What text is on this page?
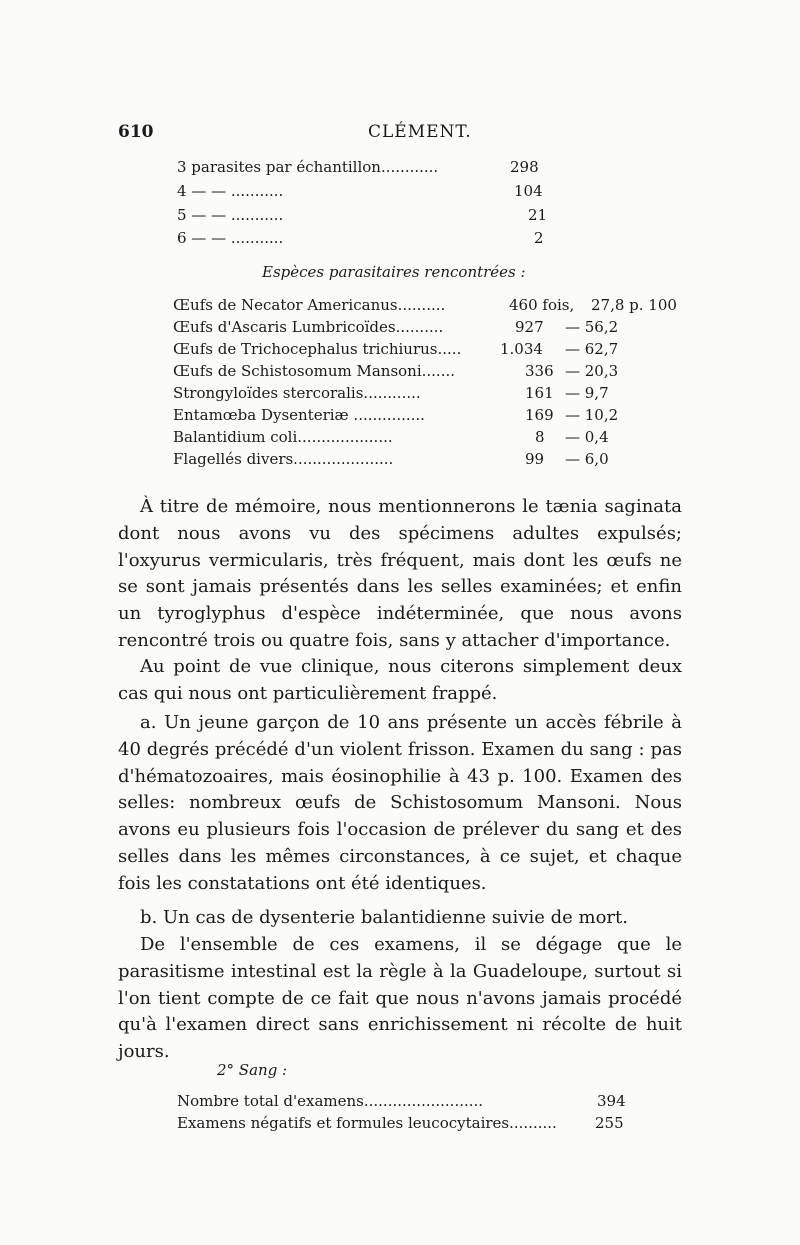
610	CLÉMENT.
3 parasites par échantillon............	298
4 — — ...........	104
5 — — ...........	21
6 — — ...........	2
Espèces parasitaires rencontrées :
Œufs de Necator Americanus..........	460 fois, 27,8 p. 100
Œufs d'Ascaris Lumbricoïdes..........	927 — 56,2
Œufs de Trichocephalus trichiurus.....	1.034 — 62,7
Œufs de Schistosomum Mansoni.......	336 — 20,3
Strongyloïdes stercoralis............	161 — 9,7
Entamœba Dysenteriæ ...............	169 — 10,2
Balantidium coli....................	8 — 0,4
Flagellés divers.....................	99 — 6,0

À titre de mémoire, nous mentionnerons le tænia saginata dont nous avons vu des spécimens adultes expulsés; l'oxyurus vermicularis, très fréquent, mais dont les œufs ne se sont jamais présentés dans les selles examinées; et enfin un tyroglyphus d'espèce indéterminée, que nous avons rencontré trois ou quatre fois, sans y attacher d'importance.

Au point de vue clinique, nous citerons simplement deux cas qui nous ont particulièrement frappé.

a. Un jeune garçon de 10 ans présente un accès fébrile à 40 degrés précédé d'un violent frisson. Examen du sang : pas d'hématozoaires, mais éosinophilie à 43 p. 100. Examen des selles: nombreux œufs de Schistosomum Mansoni. Nous avons eu plusieurs fois l'occasion de prélever du sang et des selles dans les mêmes circonstances, à ce sujet, et chaque fois les constatations ont été identiques.

b. Un cas de dysenterie balantidienne suivie de mort.

De l'ensemble de ces examens, il se dégage que le parasitisme intestinal est la règle à la Guadeloupe, surtout si l'on tient compte de ce fait que nous n'avons jamais procédé qu'à l'examen direct sans enrichissement ni récolte de huit jours.

2° Sang :
Nombre total d'examens.........................	394
Examens négatifs et formules leucocytaires..........	255
